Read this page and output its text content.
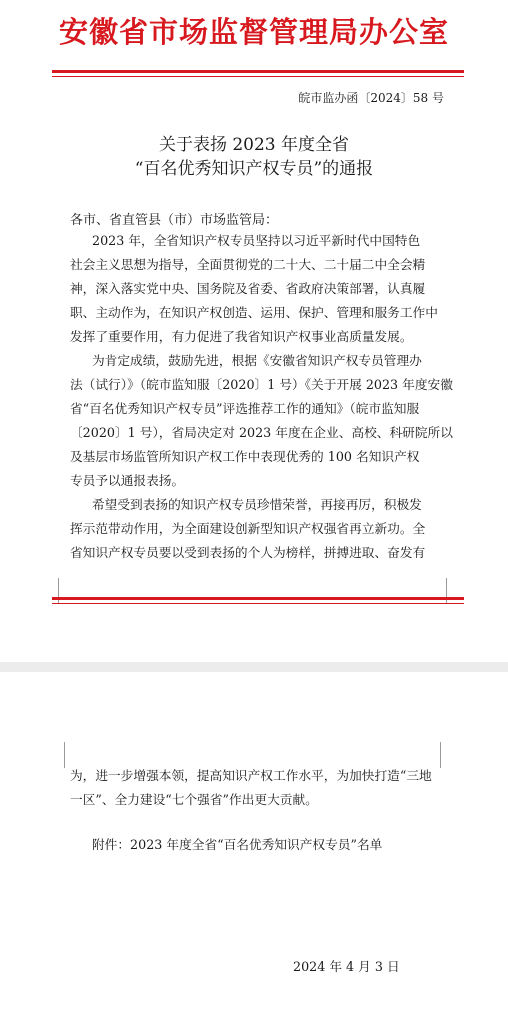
安徽省市场监督管理局办公室
皖市监办函〔2024〕58 号
关于表扬 2023 年度全省
“百名优秀知识产权专员”的通报
各市、省直管县（市）市场监管局：
2023 年，全省知识产权专员坚持以习近平新时代中国特色
社会主义思想为指导，全面贯彻党的二十大、二十届二中全会精
神，深入落实党中央、国务院及省委、省政府决策部署，认真履
职、主动作为，在知识产权创造、运用、保护、管理和服务工作中
发挥了重要作用，有力促进了我省知识产权事业高质量发展。
为肯定成绩，鼓励先进，根据《安徽省知识产权专员管理办
法（试行）》（皖市监知服〔2020〕1 号）《关于开展 2023 年度安徽
省“百名优秀知识产权专员”评选推荐工作的通知》（皖市监知服
〔2020〕1 号），省局决定对 2023 年度在企业、高校、科研院所以
及基层市场监管所知识产权工作中表现优秀的 100 名知识产权
专员予以通报表扬。
希望受到表扬的知识产权专员珍惜荣誉，再接再厉，积极发
挥示范带动作用，为全面建设创新型知识产权强省再立新功。全
省知识产权专员要以受到表扬的个人为榜样，拼搏进取、奋发有
为，进一步增强本领，提高知识产权工作水平，为加快打造“三地
一区”、全力建设“七个强省”作出更大贡献。
附件：2023 年度全省“百名优秀知识产权专员”名单
2024 年 4 月 3 日
